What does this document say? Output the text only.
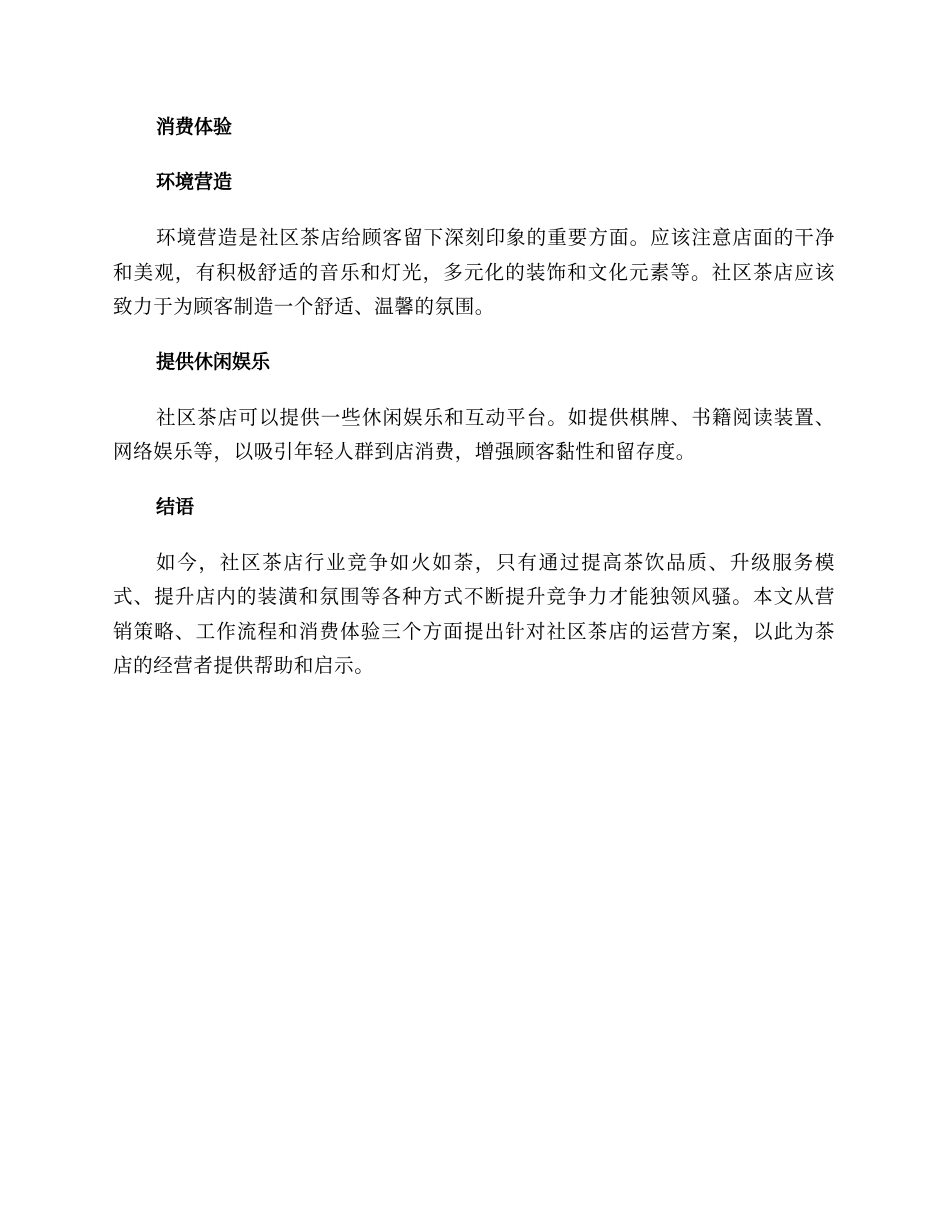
消费体验
环境营造

环境营造是社区茶店给顾客留下深刻印象的重要方面。应该注意店面的干净和美观，有积极舒适的音乐和灯光，多元化的装饰和文化元素等。社区茶店应该致力于为顾客制造一个舒适、温馨的氛围。

提供休闲娱乐

社区茶店可以提供一些休闲娱乐和互动平台。如提供棋牌、书籍阅读装置、网络娱乐等，以吸引年轻人群到店消费，增强顾客黏性和留存度。

结语

如今，社区茶店行业竞争如火如荼，只有通过提高茶饮品质、升级服务模式、提升店内的装潢和氛围等各种方式不断提升竞争力才能独领风骚。本文从营销策略、工作流程和消费体验三个方面提出针对社区茶店的运营方案，以此为茶店的经营者提供帮助和启示。
